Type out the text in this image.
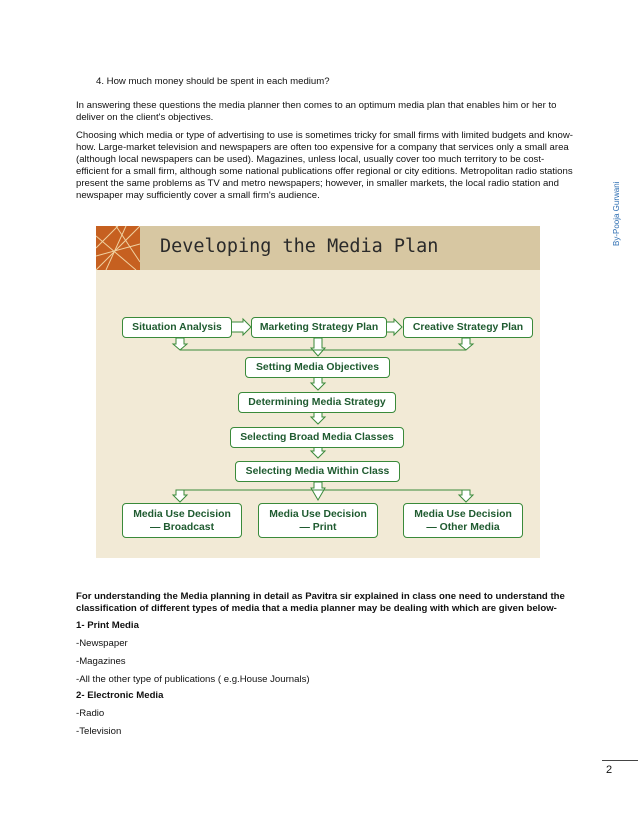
4. How much money should be spent in each medium?

In answering these questions the media planner then comes to an optimum media plan that enables him or her to

deliver on the client's objectives.

Choosing which media or type of advertising to use is sometimes tricky for small firms with limited budgets and know-

how. Large-market television and newspapers are often too expensive for a company that services only a small area

(although local newspapers can be used). Magazines, unless local, usually cover too much territory to be cost-

efficient for a small firm, although some national publications offer regional or city editions. Metropolitan radio stations

present the same problems as TV and metro newspapers; however, in smaller markets, the local radio station and

newspaper may sufficiently cover a small firm's audience.	By-Pooja Gurwani
Developing the Media Plan
Situation Analysis	Marketing Strategy Plan	Creative Strategy Plan
Setting Media Objectives
Determining Media Strategy
Selecting Broad Media Classes
Selecting Media Within Class
Media Use Decision
— Broadcast
Media Use Decision
— Print
Media Use Decision
— Other Media

For understanding the Media planning in detail as Pavitra sir explained in class one need to understand the

classification of different types of media that a media planner may be dealing with which are given below-

1- Print Media

-Newspaper

-Magazines

-All the other type of publications ( e.g.House Journals)

2- Electronic Media

-Radio

-Television

2
